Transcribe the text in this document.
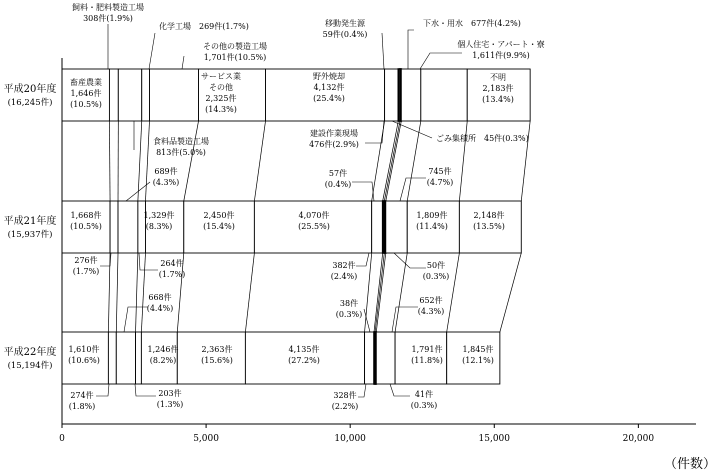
平成20年度
(16,245件)
平成21年度
(15,937件)
平成22年度
(15,194件)
畜産農業 1,646件(10.5%)
サービス業その他 2,325件(14.3%)
野外焼却 4,132件(25.4%)
不明 2,183件(13.4%)
飼料・肥料製造工場 308件(1.9%)
化学工場　269件(1.7%)
その他の製造工場 1,701件(10.5%)
移動発生源 59件(0.4%)
下水・用水　677件(4.2%)
個人住宅・アパート・寮 1,611件(9.9%)
食料品製造工場 813件(5.0%)
建設作業現場 476件(2.9%)
ごみ集積所　45件(0.3%)
689件(4.3%)
57件(0.4%)
745件(4.7%)
1,668件(10.5%)
1,329件(8.3%)
2,450件(15.4%)
4,070件(25.5%)
1,809件(11.4%)
2,148件(13.5%)
276件(1.7%)
264件(1.7%)
382件(2.4%)
50件(0.3%)
668件(4.4%)
38件(0.3%)
652件(4.3%)
1,610件(10.6%)
1,246件(8.2%)
2,363件(15.6%)
4,135件(27.2%)
1,791件(11.8%)
1,845件(12.1%)
274件(1.8%)
203件(1.3%)
328件(2.2%)
41件(0.3%)
0	5,000	10,000	15,000	20,000
（件数）
